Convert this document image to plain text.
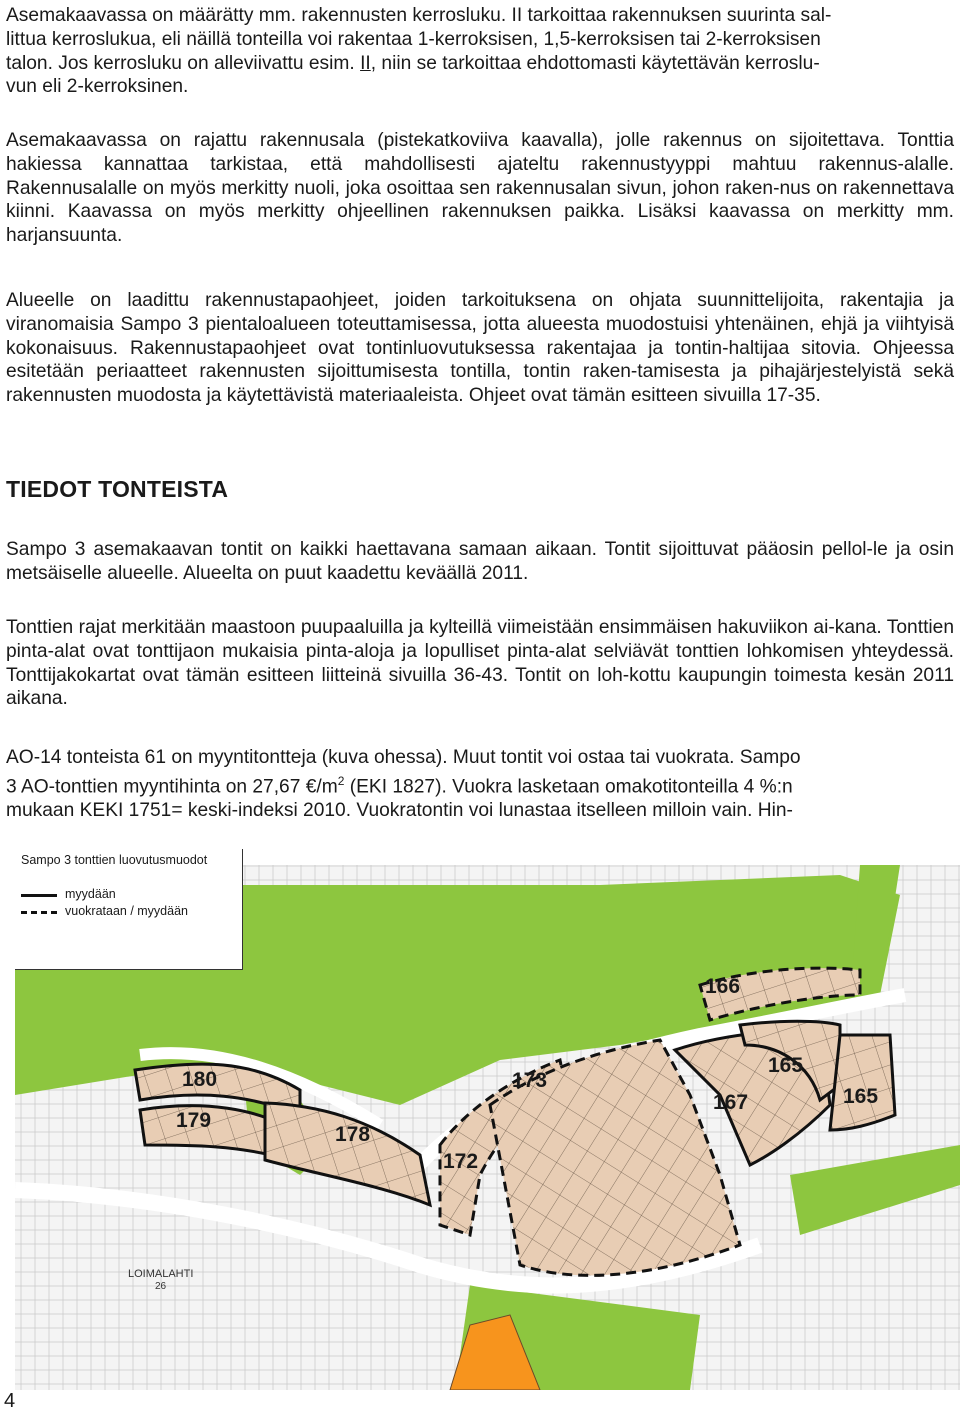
Asemakaavassa on määrätty mm. rakennusten kerrosluku. II tarkoittaa rakennuksen suurinta sal-
littua kerroslukua, eli näillä tonteilla voi rakentaa 1-kerroksisen, 1,5-kerroksisen tai 2-kerroksisen
talon. Jos kerrosluku on alleviivattu esim. II, niin se tarkoittaa ehdottomasti käytettävän kerroslu-
vun eli 2-kerroksinen.

Asemakaavassa on rajattu rakennusala (pistekatkoviiva kaavalla), jolle rakennus on sijoitettava. Tonttia hakiessa kannattaa tarkistaa, että mahdollisesti ajateltu rakennustyyppi mahtuu rakennus-alalle. Rakennusalalle on myös merkitty nuoli, joka osoittaa sen rakennusalan sivun, johon raken-nus on rakennettava kiinni. Kaavassa on myös merkitty ohjeellinen rakennuksen paikka. Lisäksi kaavassa on merkitty mm. harjansuunta.

Alueelle on laadittu rakennustapaohjeet, joiden tarkoituksena on ohjata suunnittelijoita, rakentajia ja viranomaisia Sampo 3 pientaloalueen toteuttamisessa, jotta alueesta muodostuisi yhtenäinen, ehjä ja viihtyisä kokonaisuus. Rakennustapaohjeet ovat tontinluovutuksessa rakentajaa ja tontin-haltijaa sitovia. Ohjeessa esitetään periaatteet rakennusten sijoittumisesta tontilla, tontin raken-tamisesta ja pihajärjestelyistä sekä rakennusten muodosta ja käytettävistä materiaaleista. Ohjeet ovat tämän esitteen sivuilla 17-35.

TIEDOT TONTEISTA

Sampo 3 asemakaavan tontit on kaikki haettavana samaan aikaan. Tontit sijoittuvat pääosin pellol-le ja osin metsäiselle alueelle. Alueelta on puut kaadettu keväällä 2011.

Tonttien rajat merkitään maastoon puupaaluilla ja kylteillä viimeistään ensimmäisen hakuviikon ai-kana. Tonttien pinta-alat ovat tonttijaon mukaisia pinta-aloja ja lopulliset pinta-alat selviävät tonttien lohkomisen yhteydessä. Tonttijakokartat ovat tämän esitteen liitteinä sivuilla 36-43. Tontit on loh-kottu kaupungin toimesta kesän 2011 aikana.

AO-14 tonteista 61 on myyntitontteja (kuva ohessa). Muut tontit voi ostaa tai vuokrata. Sampo
3 AO-tonttien myyntihinta on 27,67 $€/m^2$ (EKI 1827). Vuokra lasketaan omakotitonteilla 4 %:n
mukaan KEKI 1751= keski-indeksi 2010. Vuokratontin voi lunastaa itselleen milloin vain. Hin-
166
180	173
165
167	165
179
178
172
LOIMALAHTI
26
Sampo 3 tonttien luovutusmuodot
myydään
vuokrataan / myydään
4
